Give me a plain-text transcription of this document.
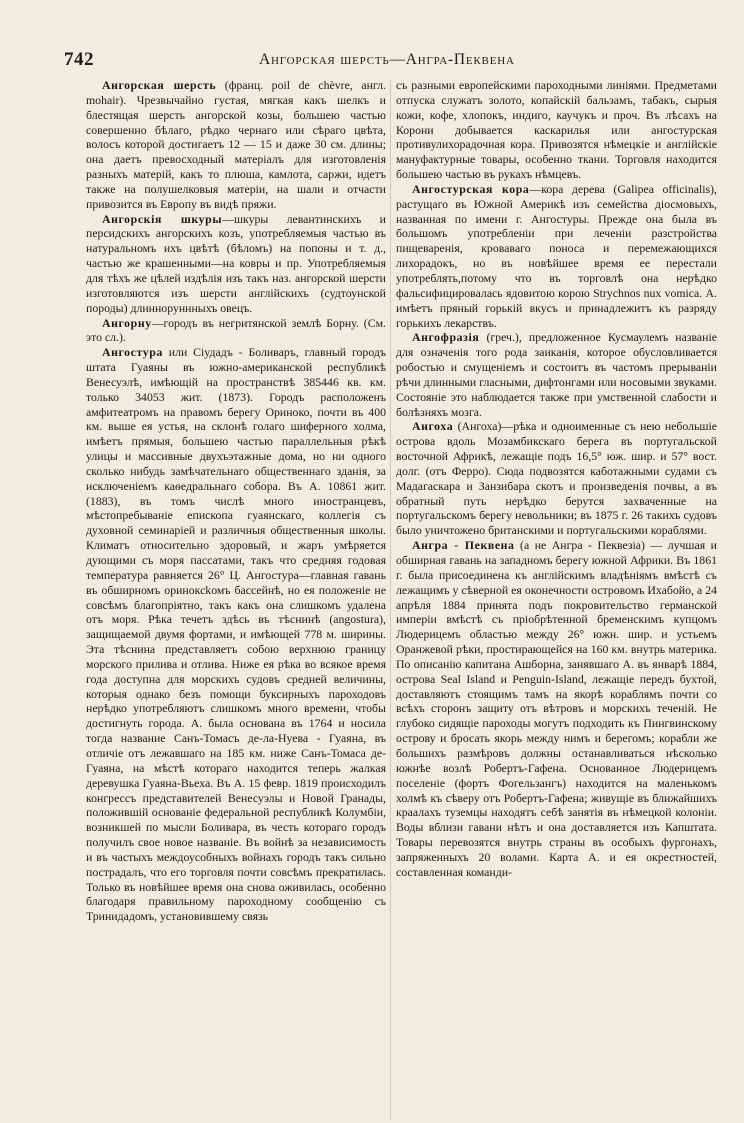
742	Ангорская шерсть—Ангра-Пеквена

Ангорская шерсть (франц. poil de chèvre, англ. mohair). Чрезвычайно густая, мягкая какъ шелкъ и блестящая шерсть ангорской козы, большею частью совершенно бѣлаго, рѣдко чернаго или сѣраго цвѣта, волосъ которой достигаетъ 12 — 15 и даже 30 см. длины; она даетъ превосходный матеріалъ для изготовленія разныхъ матерій, какъ то плюша, камлота, саржи, идетъ также на полушелковыя матеріи, на шали и отчасти привозится въ Европу въ видѣ пряжи.

Ангорскія шкуры—шкуры левантинскихъ и персидскихъ ангорскихъ козъ, употребляемыя частью въ натуральномъ ихъ цвѣтѣ (бѣломъ) на попоны и т. д., частью же крашенными—на ковры и пр. Употребляемыя для тѣхъ же цѣлей издѣлія изъ такъ наз. ангорской шерсти изготовляются изъ шерсти англійскихъ (судтоунской породы) длинноруннныхъ овецъ.

Ангорну—городъ въ негритянской землѣ Борну. (См. это сл.).

Ангостура или Сіудадъ - Боливаръ, главный городъ штата Гуаяны въ южно-американской республикѣ Венесуэлѣ, имѣющій на пространствѣ 385446 кв. км. только 34053 жит. (1873). Городъ расположенъ амфитеатромъ на правомъ берегу Ориноко, почти въ 400 км. выше ея устья, на склонѣ голаго шиферного холма, имѣетъ прямыя, большею частью параллельныя рѣкѣ улицы и массивные двухъэтажные дома, но ни одного сколько нибудь замѣчательнаго общественнаго зданія, за исключеніемъ каѳедральнаго собора. Въ А. 10861 жит. (1883), въ томъ числѣ много иностранцевъ, мѣстопребываніе епископа гуаянскаго, коллегія съ духовной семинаріей и различныя общественныя школы. Климатъ относительно здоровый, и жаръ умѣряется дующими съ моря пассатами, такъ что средняя годовая температура равняется 26° Ц. Ангостура—главная гавань въ обширномъ ориноксkомъ бассейнѣ, но ея положеніе не совсѣмъ благопріятно, такъ какъ она слишкомъ удалена отъ моря. Рѣка течетъ здѣсь въ тѣснинѣ (angostura), защищаемой двумя фортами, и имѣющей 778 м. ширины. Эта тѣснина представляетъ собою верхнюю границу морского прилива и отлива. Ниже ея рѣка во всякое время года доступна для морскихъ судовъ средней величины, которыя однако безъ помощи буксирныхъ пароходовъ нерѣдко употребляютъ слишкомъ много времени, чтобы достигнуть города. А. была основана въ 1764 и носила тогда название Санъ-Томасъ де-ла-Нуева - Гуаяна, въ отличіе отъ лежавшаго на 185 км. ниже Санъ-Томаса де-Гуаяна, на мѣстѣ котораго находится теперь жалкая деревушка Гуаяна-Вьеха. Въ А. 15 февр. 1819 происходилъ конгрессъ представителей Венесуэлы и Новой Гранады, положившій основаніе федеральной республикѣ Колумбіи, возникшей по мысли Боливара, въ честь котораго городъ получилъ свое новое названіе. Въ войнѣ за независимость и въ частыхъ междоусобныхъ войнахъ городъ такъ сильно пострадалъ, что его торговля почти совсѣмъ прекратилась. Только въ новѣйшее время она снова оживилась, особенно благодаря правильному пароходному сообщенію съ Тринидадомъ, установившему связь

съ разными европейскими пароходными линіями. Предметами отпуска служатъ золото, копайскій бальзамъ, табакъ, сырыя кожи, кофе, хлопокъ, индиго, каучукъ и проч. Въ лѣсахъ на Корони добывается каскарилья или ангостурская противулихорадочная кора. Привозятся нѣмецкіе и англійскіе мануфактурные товары, особенно ткани. Торговля находится большею частью въ рукахъ нѣмцевъ.

Ангостурская кора—кора дерева (Galipea officinalis), растущаго въ Южной Америкѣ изъ семейства діосмовыхъ, названная по имени г. Ангостуры. Прежде она была въ большомъ употребленіи при леченіи разстройства пищеваренія, кровавaго поноса и перемежающихся лихорадокъ, но въ новѣйшее время ее перестали употреблять,потому что въ торговлѣ она нерѣдко фальсифицировалась ядовитою корою Strychnos nux vomica. А. имѣетъ пряный горькій вкусъ и принадлежитъ къ разряду горькихъ лекарствъ.

Ангофразія (греч.), предложенное Кусмаулемъ названіе для означенія того рода заиканія, которое обусловливается робостью и смущеніемъ и состоитъ въ частомъ прерываніи рѣчи длинными гласными, дифтонгами или носовыми звуками. Состояніе это наблюдается также при умственной слабости и болѣзняхъ мозга.

Ангоха (Ангоха)—рѣка и одноименные съ нею небольшіе острова вдоль Мозамбикскаго берега въ португальской восточной Африкѣ, лежащіе подъ 16,5° юж. шир. и 57° вост. долг. (отъ Ферро). Сюда подвозятся каботажными судами съ Мадагаскара и Занзибара скотъ и произведенія почвы, а въ обратный путь нерѣдко берутся захваченные на португальскомъ берегу невольники; въ 1875 г. 26 такихъ судовъ было уничтожено британскими и португальскими кораблями.

Ангра - Пеквена (а не Ангра - Пеквезіа) — лучшая и обширная гавань на западномъ берегу южной Африки. Въ 1861 г. была присоединена къ англійскимъ владѣніямъ вмѣстѣ съ лежащимъ у сѣверной ея оконечности островомъ Ихабойо, а 24 апрѣля 1884 принята подъ покровительство германской имперіи вмѣстѣ съ пріобрѣтенной бременскимъ купцомъ Людерицемъ областью между 26° южн. шир. и устьемъ Оранжевой рѣки, простирающейся на 160 км. внутрь материка. По описанію капитана Ашборна, занявшаго А. въ январѣ 1884, острова Seal Island и Penguin-Island, лежащіе передъ бухтой, доставляютъ стоящимъ тамъ на якорѣ кораблямъ почти со всѣхъ сторонъ защиту отъ вѣтровъ и морскихъ теченій. Не глубоко сидящіе пароходы могутъ подходить къ Пингвинскому острову и бросать якорь между нимъ и берегомъ; корабли же большихъ размѣровъ должны останавливаться нѣсколько южнѣе возлѣ Робертъ-Гафена. Основанное Людерицемъ поселеніе (фортъ Фогельзангъ) находится на маленькомъ холмѣ къ сѣверу отъ Робертъ-Гафена; живущіе въ ближайшихъ краалахъ туземцы находятъ себѣ занятія въ нѣмецкой колоніи. Воды вблизи гавани нѣтъ и она доставляется изъ Капштата. Товары перевозятся внутрь страны въ особыхъ фургонахъ, запряженныхъ 20 волами. Карта А. и ея окрестностей, составленная команди-
